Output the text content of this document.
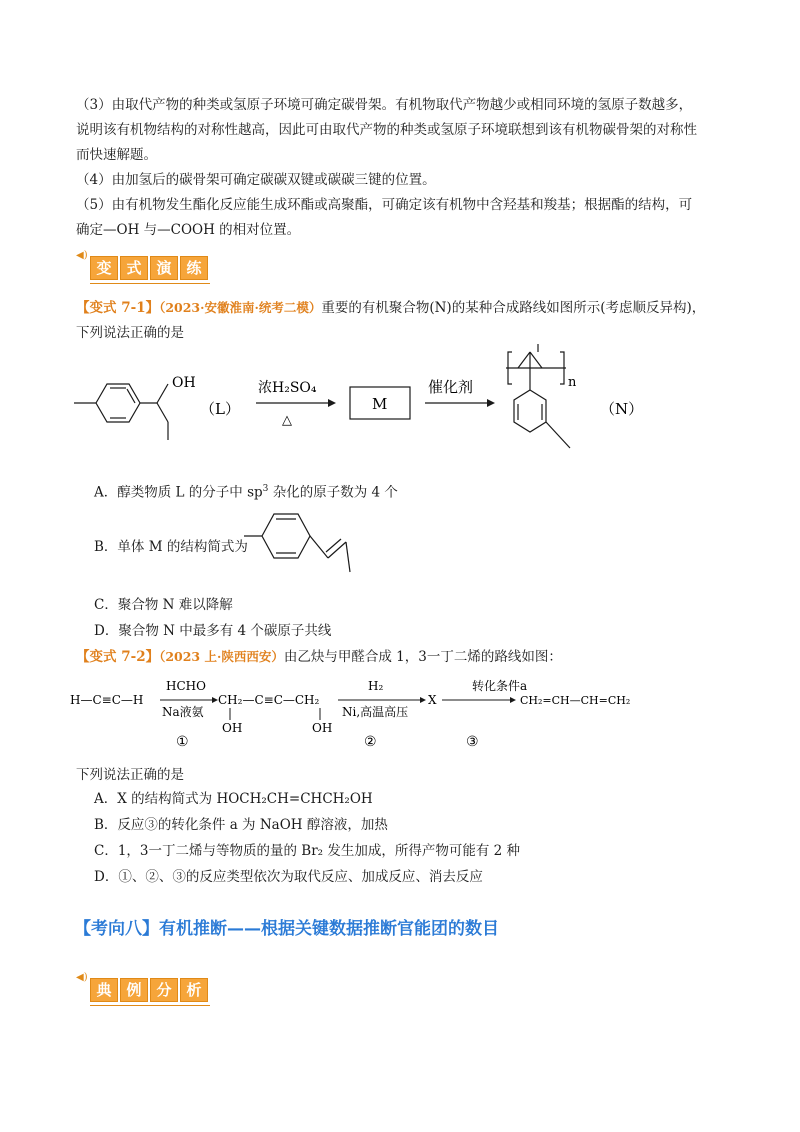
（3）由取代产物的种类或氢原子环境可确定碳骨架。有机物取代产物越少或相同环境的氢原子数越多，
说明该有机物结构的对称性越高，因此可由取代产物的种类或氢原子环境联想到该有机物碳骨架的对称性
而快速解题。
（4）由加氢后的碳骨架可确定碳碳双键或碳碳三键的位置。
（5）由有机物发生酯化反应能生成环酯或高聚酯，可确定该有机物中含羟基和羧基；根据酯的结构，可
确定—OH 与—COOH 的相对位置。
◀)
变 式 演 练
【变式 7-1】（2023·安徽淮南·统考二模）重要的有机聚合物(N)的某种合成路线如图所示(考虑顺反异构)，
下列说法正确的是
OH
（L）
浓H₂SO₄
△
M
催化剂	n
（N）
A．醇类物质 L 的分子中 $sp^3$ 杂化的原子数为 4 个
B．单体 M 的结构简式为
C．聚合物 N 难以降解
D．聚合物 N 中最多有 4 个碳原子共线
【变式 7-2】（2023 上·陕西西安）由乙炔与甲醛合成 1，3一丁二烯的路线如图：
H—C≡C—H
HCHO
Na液氨
CH₂—C≡C—CH₂
OH	OH
H₂
Ni,高温高压
X
转化条件a
CH₂=CH—CH=CH₂
①	②	③
下列说法正确的是
A．X 的结构简式为 HOCH₂CH=CHCH₂OH
B．反应③的转化条件 a 为 NaOH 醇溶液，加热
C．1，3一丁二烯与等物质的量的 Br₂ 发生加成，所得产物可能有 2 种
D．①、②、③的反应类型依次为取代反应、加成反应、消去反应
【考向八】有机推断——根据关键数据推断官能团的数目
◀)
典 例 分 析
